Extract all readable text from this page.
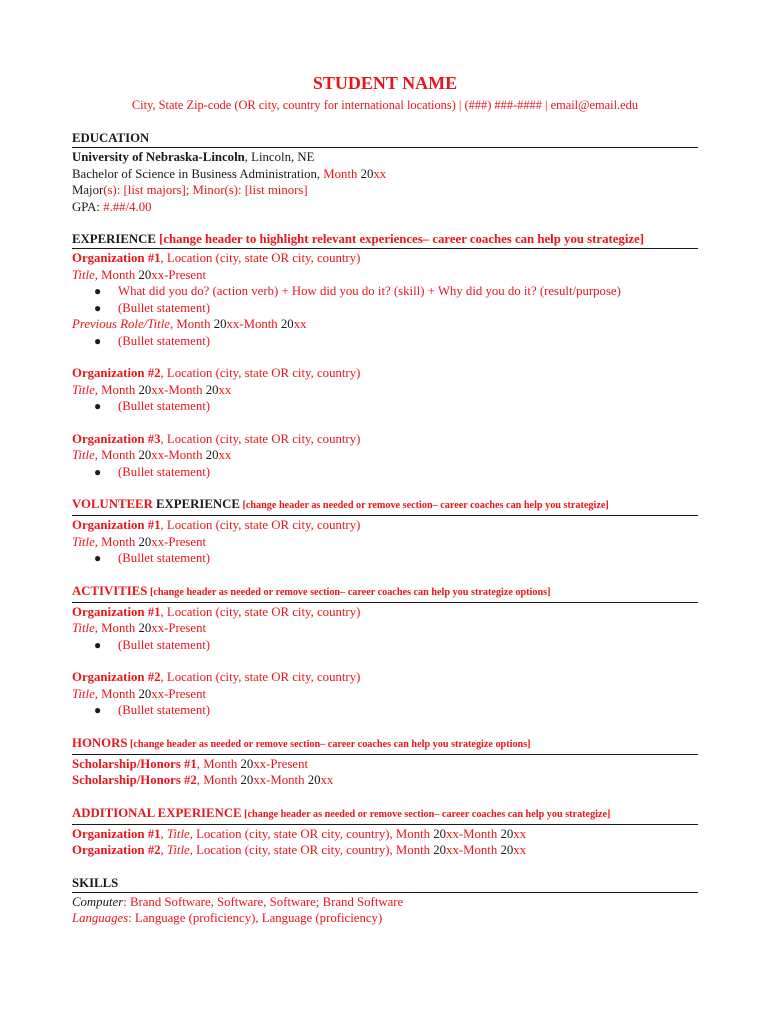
STUDENT NAME

City, State Zip-code (OR city, country for international locations) | (###) ###-#### | email@email.edu

EDUCATION
University of Nebraska-Lincoln, Lincoln, NE
Bachelor of Science in Business Administration, Month 20xx
Major(s): [list majors]; Minor(s): [list minors]
GPA: #.##/4.00
EXPERIENCE [change header to highlight relevant experiences– career coaches can help you strategize]
Organization #1, Location (city, state OR city, country)
Title, Month 20xx-Present
● What did you do? (action verb) + How did you do it? (skill) + Why did you do it? (result/purpose)
● (Bullet statement)
Previous Role/Title, Month 20xx-Month 20xx
● (Bullet statement)
Organization #2, Location (city, state OR city, country)
Title, Month 20xx-Month 20xx
● (Bullet statement)
Organization #3, Location (city, state OR city, country)
Title, Month 20xx-Month 20xx
● (Bullet statement)
VOLUNTEER EXPERIENCE [change header as needed or remove section– career coaches can help you strategize]
Organization #1, Location (city, state OR city, country)
Title, Month 20xx-Present
● (Bullet statement)
ACTIVITIES [change header as needed or remove section– career coaches can help you strategize options]
Organization #1, Location (city, state OR city, country)
Title, Month 20xx-Present
● (Bullet statement)
Organization #2, Location (city, state OR city, country)
Title, Month 20xx-Present
● (Bullet statement)
HONORS [change header as needed or remove section– career coaches can help you strategize options]
Scholarship/Honors #1, Month 20xx-Present
Scholarship/Honors #2, Month 20xx-Month 20xx
ADDITIONAL EXPERIENCE [change header as needed or remove section– career coaches can help you strategize]
Organization #1, Title, Location (city, state OR city, country), Month 20xx-Month 20xx
Organization #2, Title, Location (city, state OR city, country), Month 20xx-Month 20xx
SKILLS
Computer: Brand Software, Software, Software; Brand Software
Languages: Language (proficiency), Language (proficiency)
